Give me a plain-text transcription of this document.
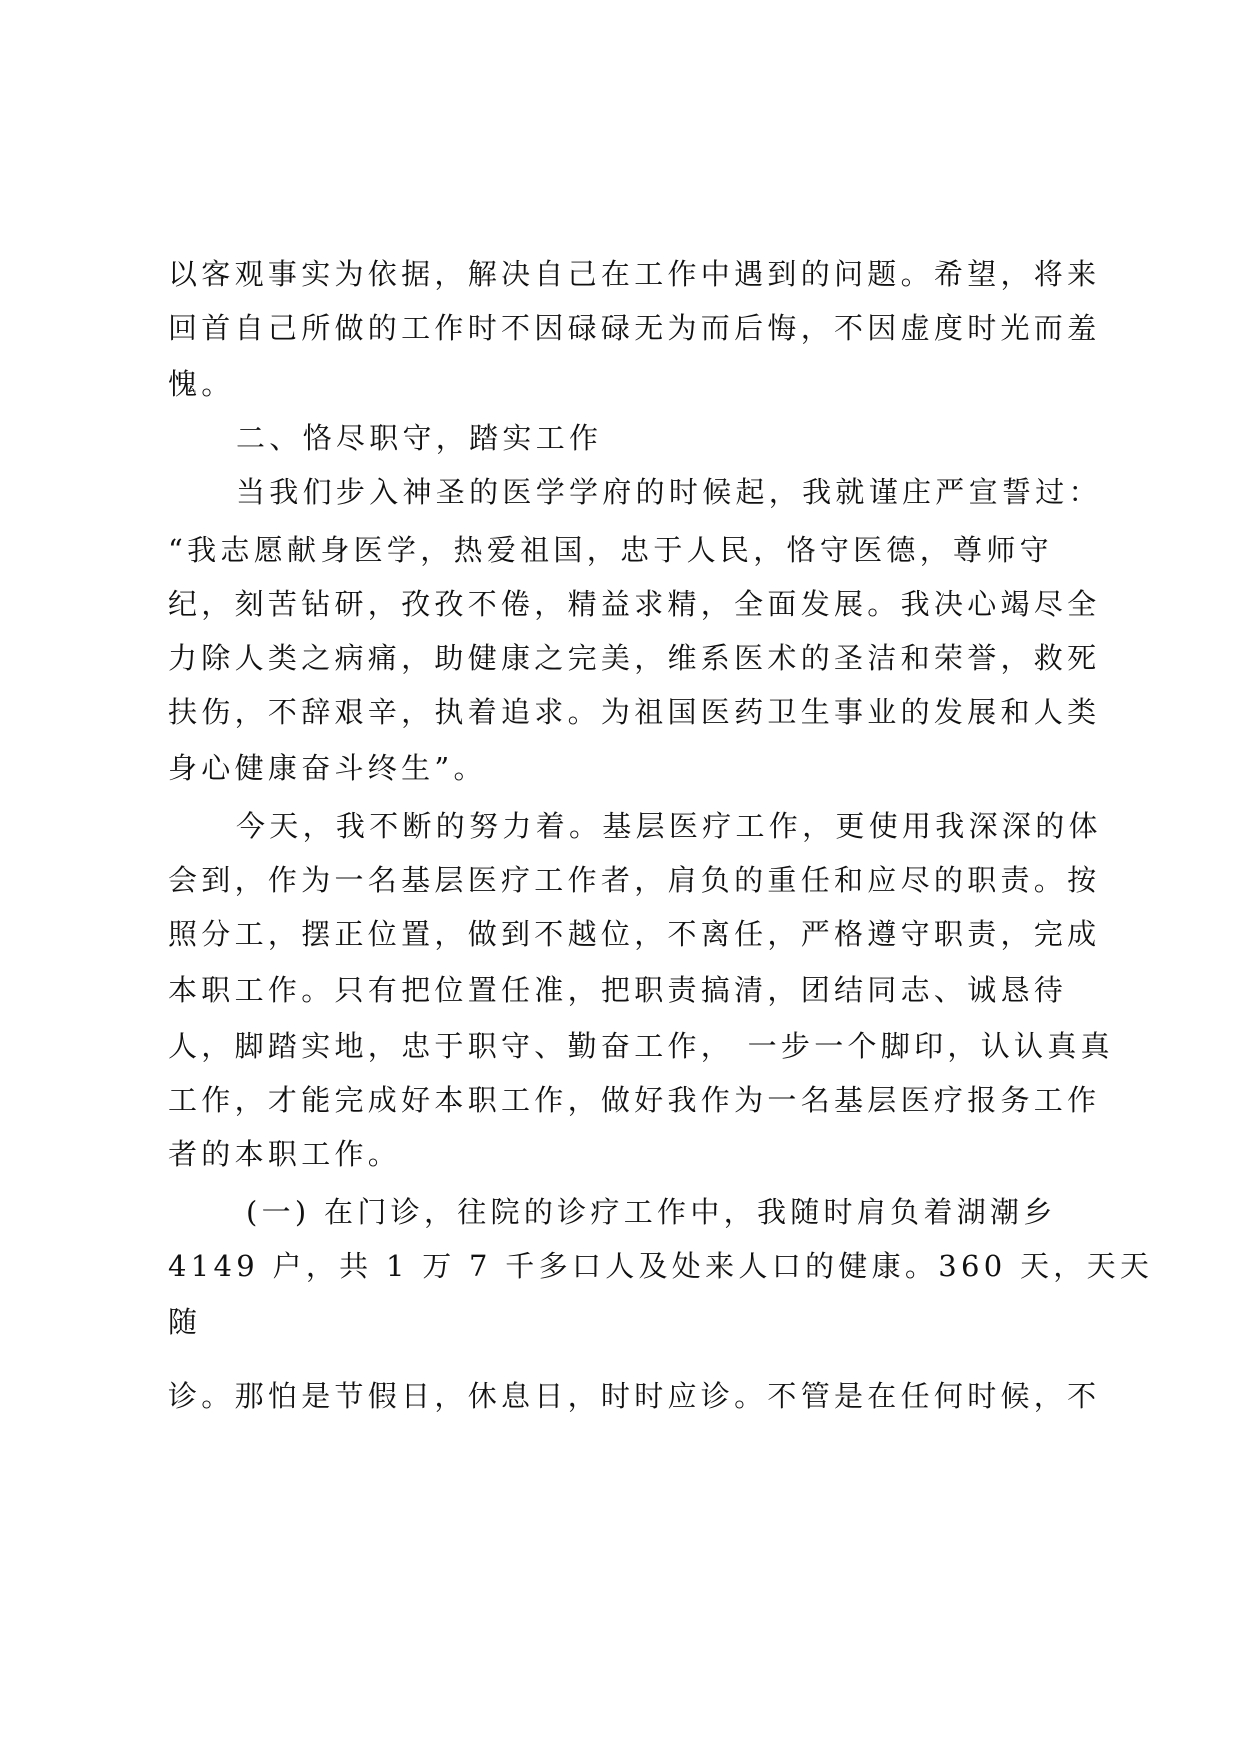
以客观事实为依据，解决自己在工作中遇到的问题。希望，将来
回首自己所做的工作时不因碌碌无为而后悔，不因虚度时光而羞
愧。
二、恪尽职守，踏实工作
当我们步入神圣的医学学府的时候起，我就谨庄严宣誓过：
“我志愿献身医学，热爱祖国，忠于人民，恪守医德，尊师守
纪，刻苦钻研，孜孜不倦，精益求精，全面发展。我决心竭尽全
力除人类之病痛，助健康之完美，维系医术的圣洁和荣誉，救死
扶伤，不辞艰辛，执着追求。为祖国医药卫生事业的发展和人类
身心健康奋斗终生”。
今天，我不断的努力着。基层医疗工作，更使用我深深的体
会到，作为一名基层医疗工作者，肩负的重任和应尽的职责。按
照分工，摆正位置，做到不越位，不离任，严格遵守职责，完成
本职工作。只有把位置任准，把职责搞清，团结同志、诚恳待
人，脚踏实地，忠于职守、勤奋工作， 一步一个脚印，认认真真
工作，才能完成好本职工作，做好我作为一名基层医疗报务工作
者的本职工作。
(一) 在门诊，往院的诊疗工作中，我随时肩负着湖潮乡
4149 户，共 1 万 7 千多口人及处来人口的健康。360 天，天天
随
诊。那怕是节假日，休息日，时时应诊。不管是在任何时候，不
